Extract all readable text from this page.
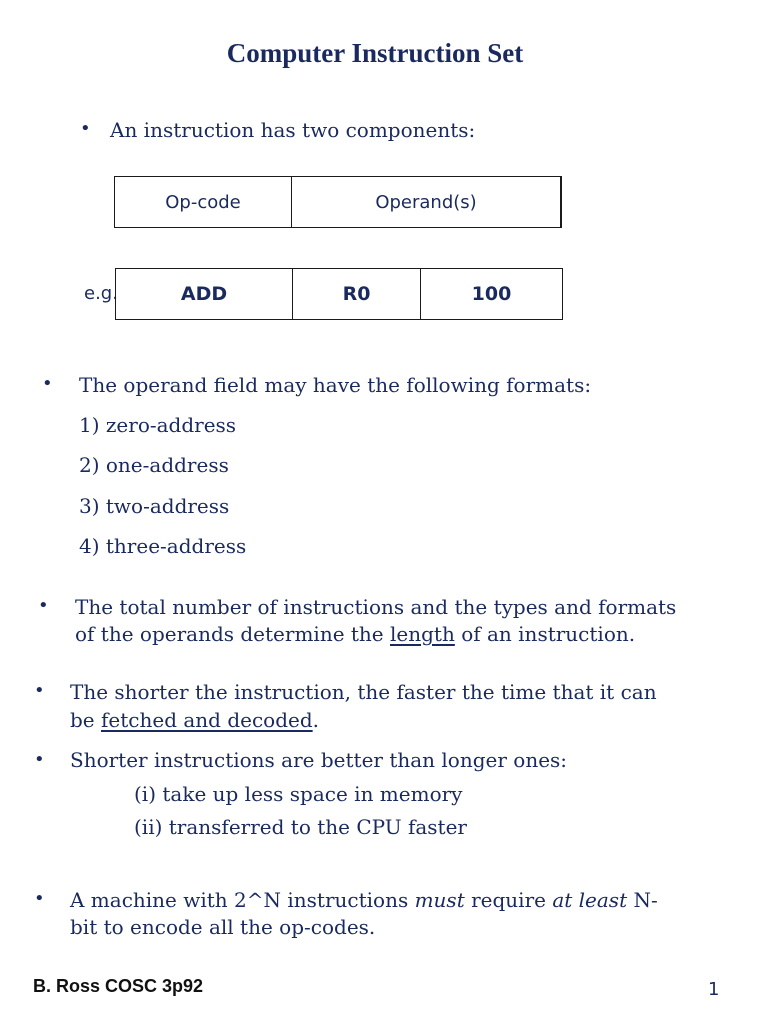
Computer Instruction Set
• An instruction has two components:
Op-code	Operand(s)
e.g.	ADD	R0	100
• The operand field may have the following formats:
1) zero-address
2) one-address
3) two-address
4) three-address
• The total number of instructions and the types and formats
of the operands determine the length of an instruction.
• The shorter the instruction, the faster the time that it can
be fetched and decoded.
• Shorter instructions are better than longer ones:
(i) take up less space in memory
(ii) transferred to the CPU faster
• A machine with 2^N instructions must require at least N-
bit to encode all the op-codes.
B. Ross COSC 3p92	1
